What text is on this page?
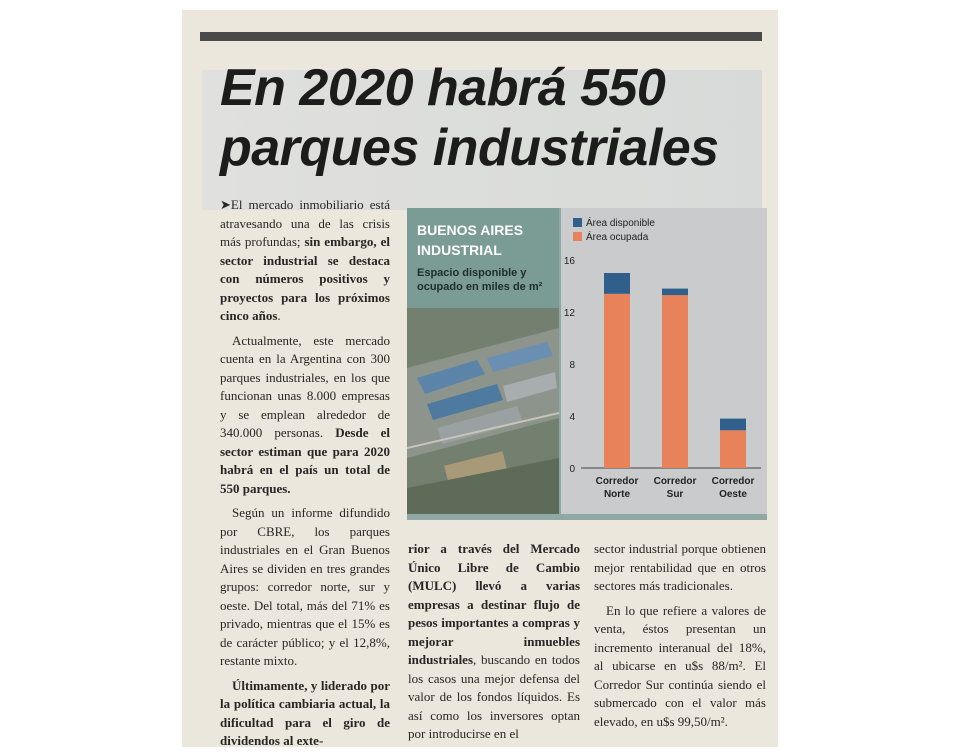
En 2020 habrá 550
parques industriales

➤El mercado inmobiliario está atravesando una de las crisis más profundas; sin embargo, el sector industrial se destaca con números positivos y proyectos para los próximos cinco años.

Actualmente, este mercado cuenta en la Argentina con 300 parques industriales, en los que funcionan unas 8.000 empresas y se emplean alrededor de 340.000 personas. Desde el sector estiman que para 2020 habrá en el país un total de 550 parques.

Según un informe difundido por CBRE, los parques industriales en el Gran Buenos Aires se dividen en tres grandes grupos: corredor norte, sur y oeste. Del total, más del 71% es privado, mientras que el 15% es de carácter público; y el 12,8%, restante mixto.

Últimamente, y liderado por la política cambiaria actual, la dificultad para el giro de dividendos al exte-

BUENOS AIRES INDUSTRIAL

Espacio disponible y ocupado en miles de m²

Área disponible
Área ocupada
0
4
8
12
16
Corredor
Norte
Corredor
Sur
Corredor
Oeste

rior a través del Mercado Único Libre de Cambio (MULC) llevó a varias empresas a destinar flujo de pesos importantes a compras y mejorar inmuebles industriales, buscando en todos los casos una mejor defensa del valor de los fondos líquidos. Es así como los inversores optan por introducirse en el

sector industrial porque obtienen mejor rentabilidad que en otros sectores más tradicionales.

En lo que refiere a valores de venta, éstos presentan un incremento interanual del 18%, al ubicarse en u$s 88/m². El Corredor Sur continúa siendo el submercado con el valor más elevado, en u$s 99,50/m².
